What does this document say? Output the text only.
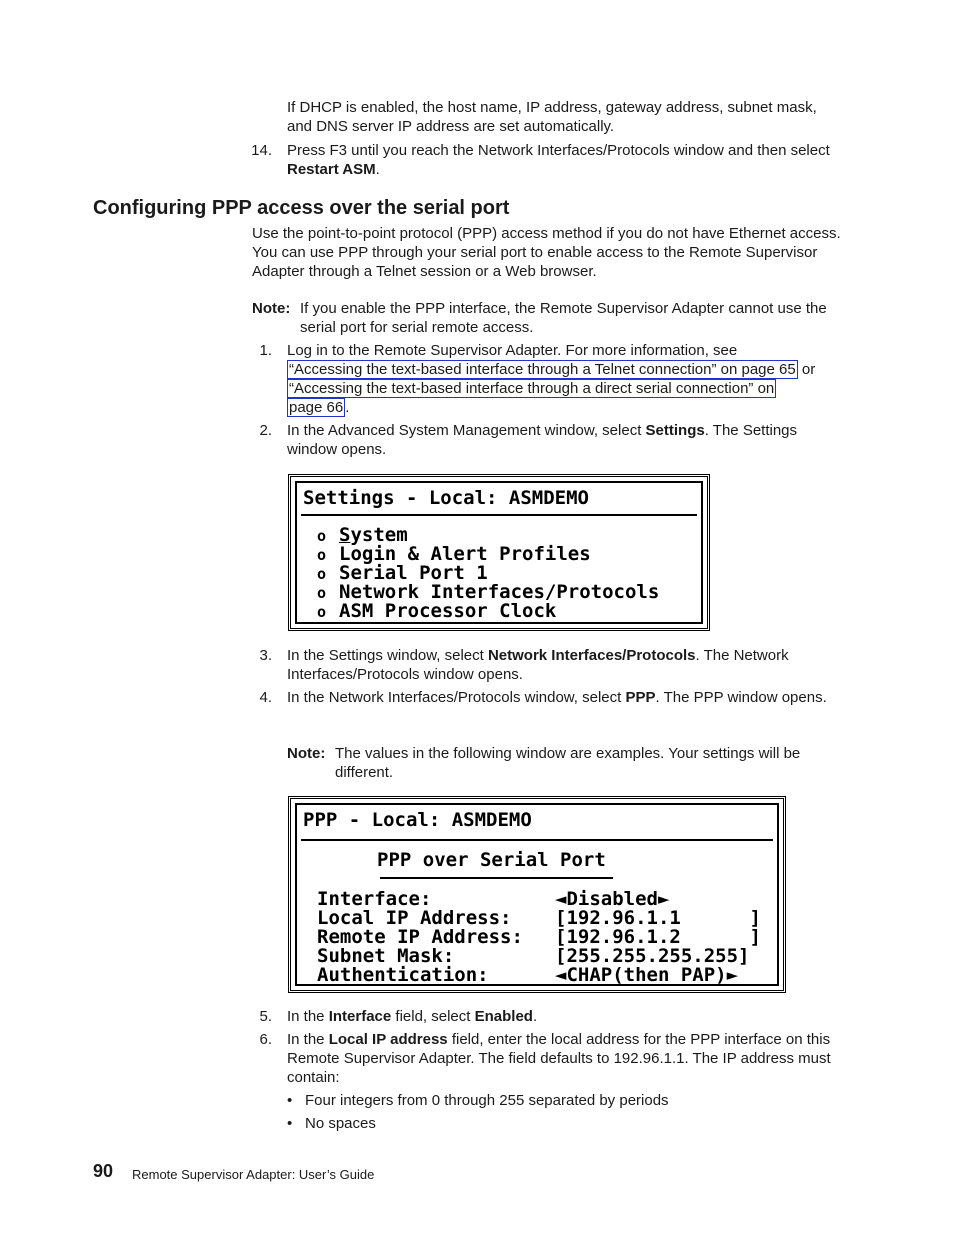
If DHCP is enabled, the host name, IP address, gateway address, subnet mask, and DNS server IP address are set automatically.
14. Press F3 until you reach the Network Interfaces/Protocols window and then select Restart ASM.
Configuring PPP access over the serial port
Use the point-to-point protocol (PPP) access method if you do not have Ethernet access. You can use PPP through your serial port to enable access to the Remote Supervisor Adapter through a Telnet session or a Web browser.
Note: If you enable the PPP interface, the Remote Supervisor Adapter cannot use the serial port for serial remote access.
1. Log in to the Remote Supervisor Adapter. For more information, see
“Accessing the text-based interface through a Telnet connection” on page 65 or
“Accessing the text-based interface through a direct serial connection” on
page 66 .
2. In the Advanced System Management window, select Settings. The Settings window opens.
Settings - Local: ASMDEMO
o System
o Login & Alert Profiles
o Serial Port 1
o Network Interfaces/Protocols
o ASM Processor Clock
3. In the Settings window, select Network Interfaces/Protocols. The Network Interfaces/Protocols window opens.
4. In the Network Interfaces/Protocols window, select PPP. The PPP window opens.
Note: The values in the following window are examples. Your settings will be different.
PPP - Local: ASMDEMO
PPP over Serial Port
Interface:	◄Disabled►
Local IP Address: [192.96.1.1      ]
Remote IP Address: [192.96.1.2      ]
Subnet Mask:	[255.255.255.255]
Authentication:	◄CHAP(then PAP)►
5. In the Interface field, select Enabled.
6. In the Local IP address field, enter the local address for the PPP interface on this Remote Supervisor Adapter. The field defaults to 192.96.1.1. The IP address must contain:
• Four integers from 0 through 255 separated by periods
• No spaces
90 Remote Supervisor Adapter: User’s Guide
